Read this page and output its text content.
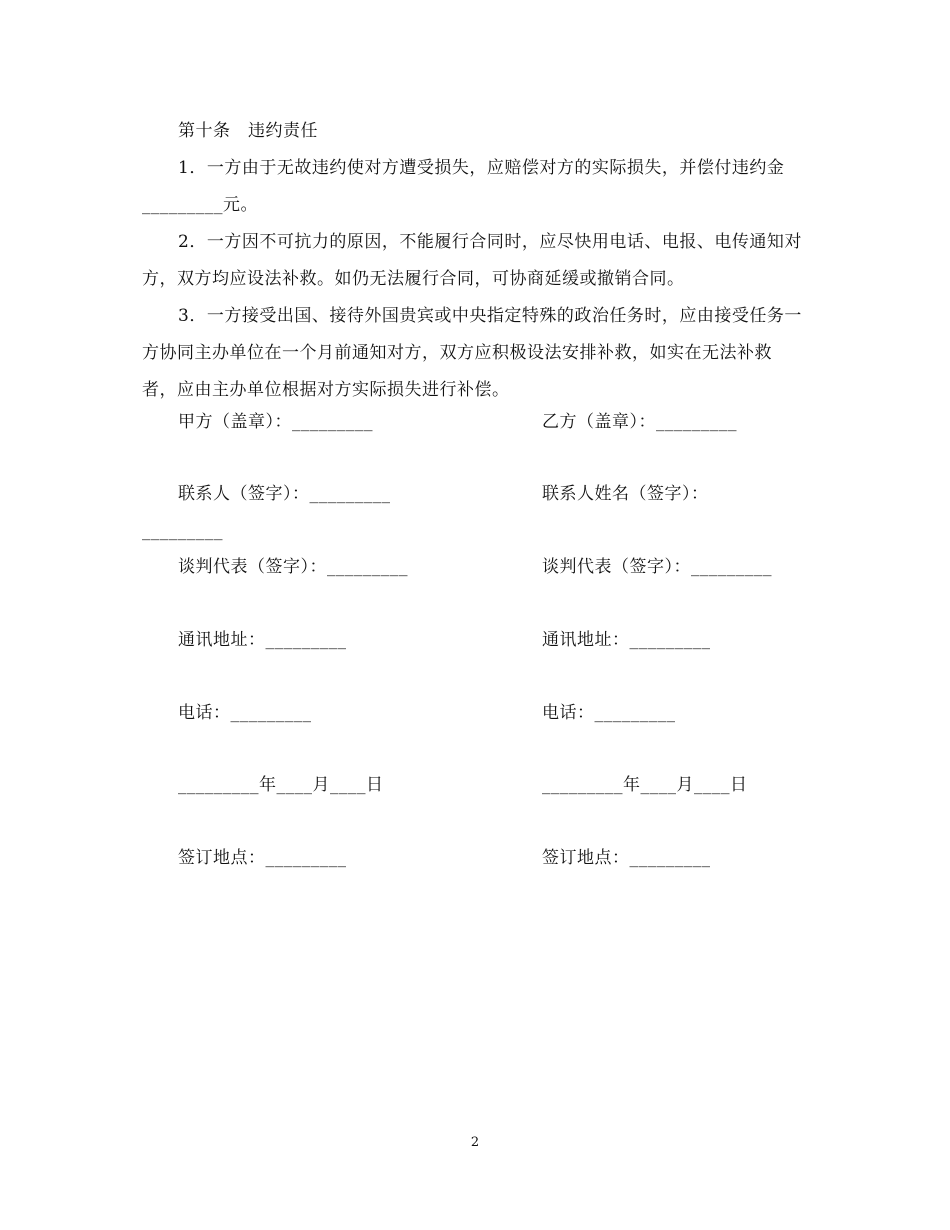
第十条　违约责任

1．一方由于无故违约使对方遭受损失，应赔偿对方的实际损失，并偿付违约金_________元。

2．一方因不可抗力的原因，不能履行合同时，应尽快用电话、电报、电传通知对方，双方均应设法补救。如仍无法履行合同，可协商延缓或撤销合同。

3．一方接受出国、接待外国贵宾或中央指定特殊的政治任务时，应由接受任务一方协同主办单位在一个月前通知对方，双方应积极设法安排补救，如实在无法补救者，应由主办单位根据对方实际损失进行补偿。

甲方（盖章）：_________	乙方（盖章）：_________
联系人（签字）：_________	联系人姓名（签字）：
_________
谈判代表（签字）：_________	谈判代表（签字）：_________
通讯地址：_________	通讯地址：_________
电话：_________	电话：_________
_________年____月____日	_________年____月____日
签订地点：_________	签订地点：_________
2
